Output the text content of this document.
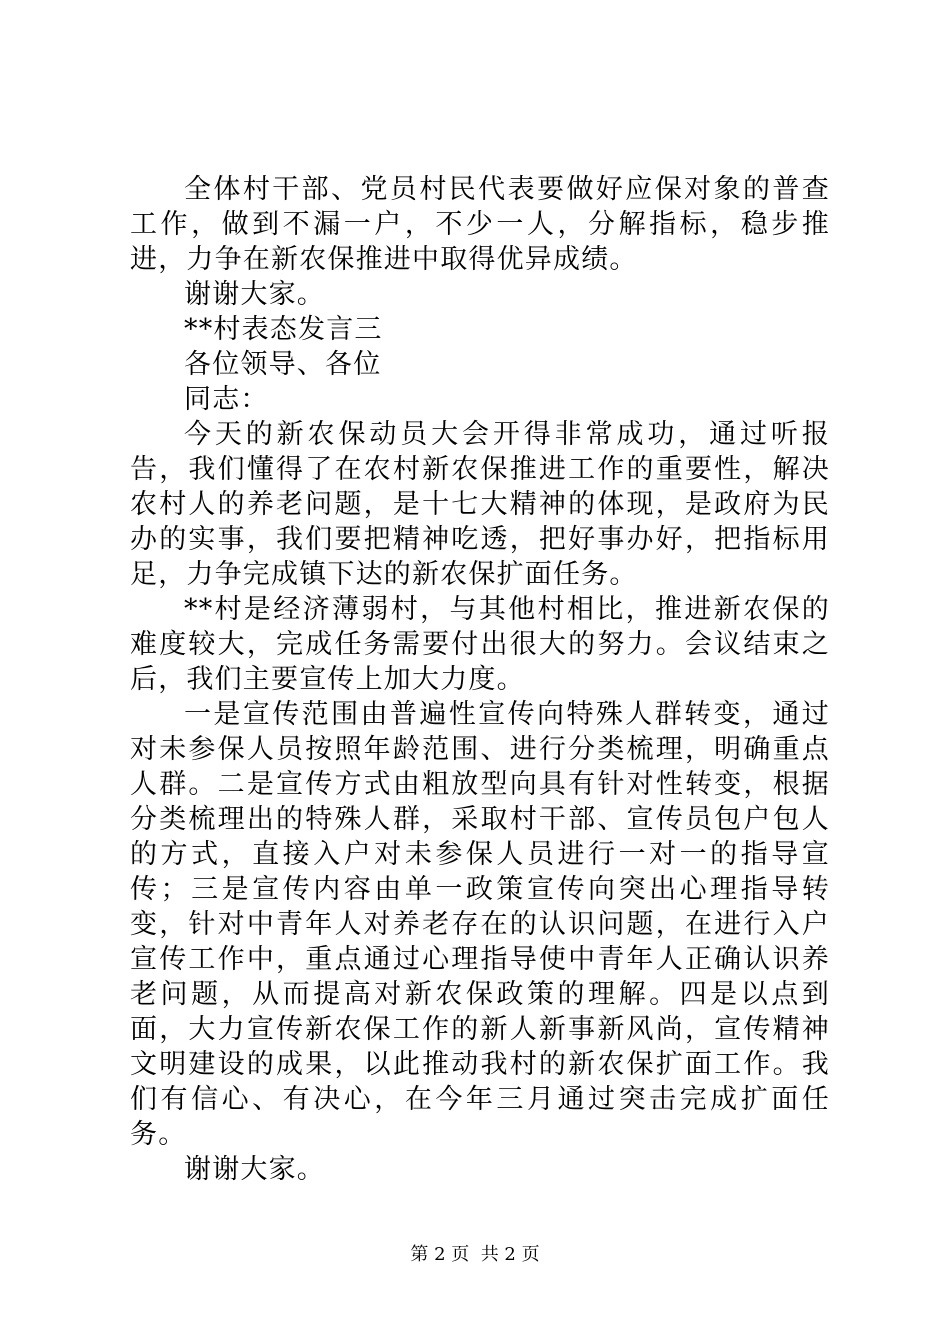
全体村干部、党员村民代表要做好应保对象的普查工作，做到不漏一户，不少一人，分解指标，稳步推进，力争在新农保推进中取得优异成绩。

谢谢大家。

**村表态发言三

各位领导、各位

同志：

今天的新农保动员大会开得非常成功，通过听报告，我们懂得了在农村新农保推进工作的重要性，解决农村人的养老问题，是十七大精神的体现，是政府为民办的实事，我们要把精神吃透，把好事办好，把指标用足，力争完成镇下达的新农保扩面任务。

**村是经济薄弱村，与其他村相比，推进新农保的难度较大，完成任务需要付出很大的努力。会议结束之后，我们主要宣传上加大力度。

一是宣传范围由普遍性宣传向特殊人群转变，通过对未参保人员按照年龄范围、进行分类梳理，明确重点人群。二是宣传方式由粗放型向具有针对性转变，根据分类梳理出的特殊人群，采取村干部、宣传员包户包人的方式，直接入户对未参保人员进行一对一的指导宣传；三是宣传内容由单一政策宣传向突出心理指导转变，针对中青年人对养老存在的认识问题，在进行入户宣传工作中，重点通过心理指导使中青年人正确认识养老问题，从而提高对新农保政策的理解。四是以点到面，大力宣传新农保工作的新人新事新风尚，宣传精神文明建设的成果，以此推动我村的新农保扩面工作。我们有信心、有决心，在今年三月通过突击完成扩面任务。

谢谢大家。

第 2 页  共 2 页
